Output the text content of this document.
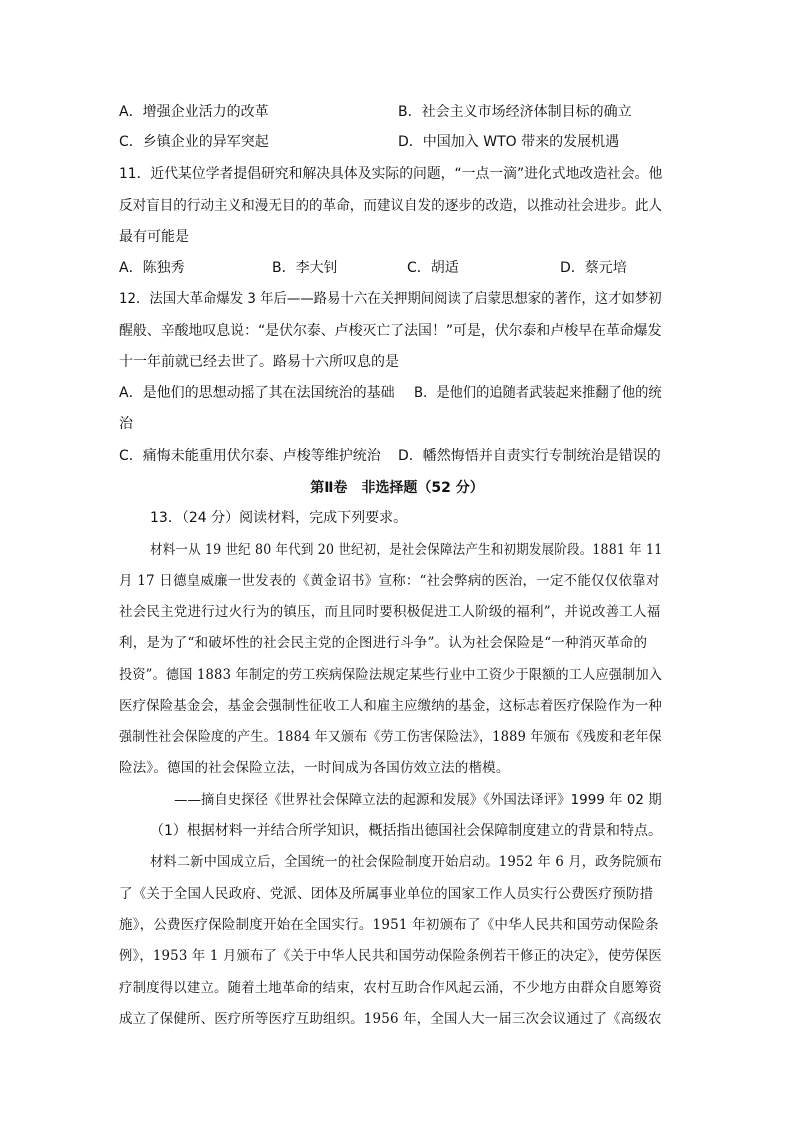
A．增强企业活力的改革	B．社会主义市场经济体制目标的确立
C．乡镇企业的异军突起	D．中国加入 WTO 带来的发展机遇
11．近代某位学者提倡研究和解决具体及实际的问题，“一点一滴”进化式地改造社会。他
反对盲目的行动主义和漫无目的的革命，而建议自发的逐步的改造，以推动社会进步。此人
最有可能是
A．陈独秀	B．李大钊	C．胡适	D．蔡元培
12．法国大革命爆发 3 年后——路易十六在关押期间阅读了启蒙思想家的著作，这才如梦初
醒般、辛酸地叹息说：“是伏尔泰、卢梭灭亡了法国！”可是，伏尔泰和卢梭早在革命爆发
十一年前就已经去世了。路易十六所叹息的是
A．是他们的思想动摇了其在法国统治的基础 B．是他们的追随者武装起来推翻了他的统
治
C．痛悔未能重用伏尔泰、卢梭等维护统治 D．幡然悔悟并自责实行专制统治是错误的
第Ⅱ卷　非选择题（52 分）
13．（24 分）阅读材料，完成下列要求。
材料一从 19 世纪 80 年代到 20 世纪初，是社会保障法产生和初期发展阶段。1881 年 11
月 17 日德皇威廉一世发表的《黄金诏书》宣称：“社会弊病的医治，一定不能仅仅依靠对
社会民主党进行过火行为的镇压，而且同时要积极促进工人阶级的福利”，并说改善工人福
利，是为了“和破坏性的社会民主党的企图进行斗争”。认为社会保险是“一种消灭革命的
投资”。德国 1883 年制定的劳工疾病保险法规定某些行业中工资少于限额的工人应强制加入
医疗保险基金会，基金会强制性征收工人和雇主应缴纳的基金，这标志着医疗保险作为一种
强制性社会保险度的产生。1884 年又颁布《劳工伤害保险法》，1889 年颁布《残废和老年保
险法》。德国的社会保险立法，一时间成为各国仿效立法的楷模。
——摘自史探径《世界社会保障立法的起源和发展》《外国法译评》1999 年 02 期
（1）根据材料一并结合所学知识，概括指出德国社会保障制度建立的背景和特点。
材料二新中国成立后，全国统一的社会保险制度开始启动。1952 年 6 月，政务院颁布
了《关于全国人民政府、党派、团体及所属事业单位的国家工作人员实行公费医疗预防措
施》，公费医疗保险制度开始在全国实行。1951 年初颁布了《中华人民共和国劳动保险条
例》，1953 年 1 月颁布了《关于中华人民共和国劳动保险条例若干修正的决定》，使劳保医
疗制度得以建立。随着土地革命的结束，农村互助合作风起云涌，不少地方由群众自愿筹资
成立了保健所、医疗所等医疗互助组织。1956 年，全国人大一届三次会议通过了《高级农
